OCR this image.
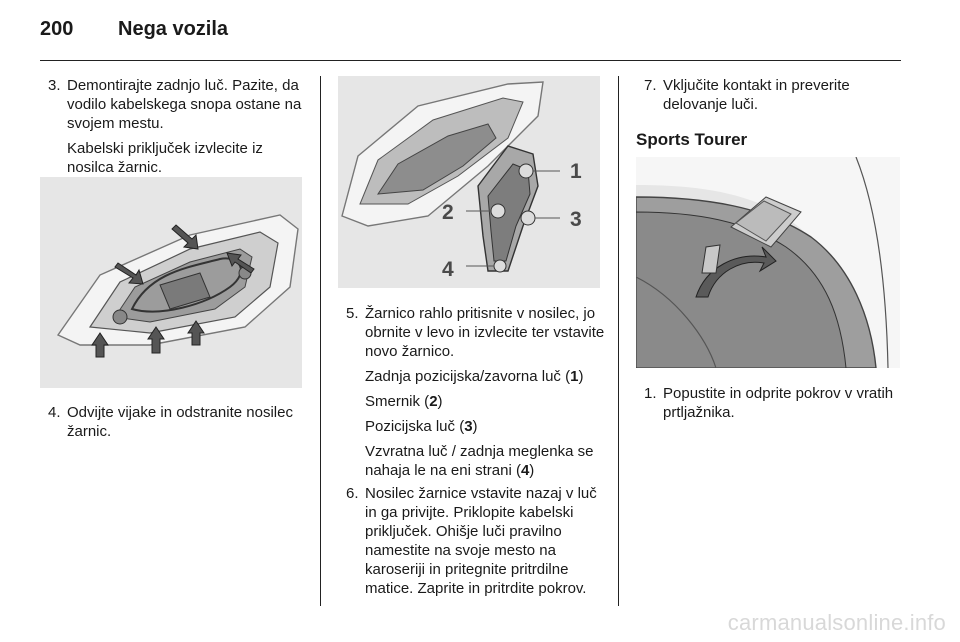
200 Nega vozila
3. Demontirajte zadnjo luč. Pazite, da vodilo kabelskega snopa ostane na svojem mestu.
Kabelski priključek izvlecite iz nosilca žarnic.
4. Odvijte vijake in odstranite nosilec žarnic.
1
2	3
4
5. Žarnico rahlo pritisnite v nosilec, jo obrnite v levo in izvlecite ter vstavite novo žarnico.
Zadnja pozicijska/zavorna luč (1)
Smernik (2)
Pozicijska luč (3)
Vzvratna luč / zadnja meglenka se nahaja le na eni strani (4)
6. Nosilec žarnice vstavite nazaj v luč in ga privijte. Priklopite kabelski priključek. Ohišje luči pravilno namestite na svoje mesto na karoseriji in pritegnite pritrdilne matice. Zaprite in pritrdite pokrov.
7. Vključite kontakt in preverite delovanje luči.
Sports Tourer
1. Popustite in odprite pokrov v vratih prtljažnika.
carmanualsonline.info
